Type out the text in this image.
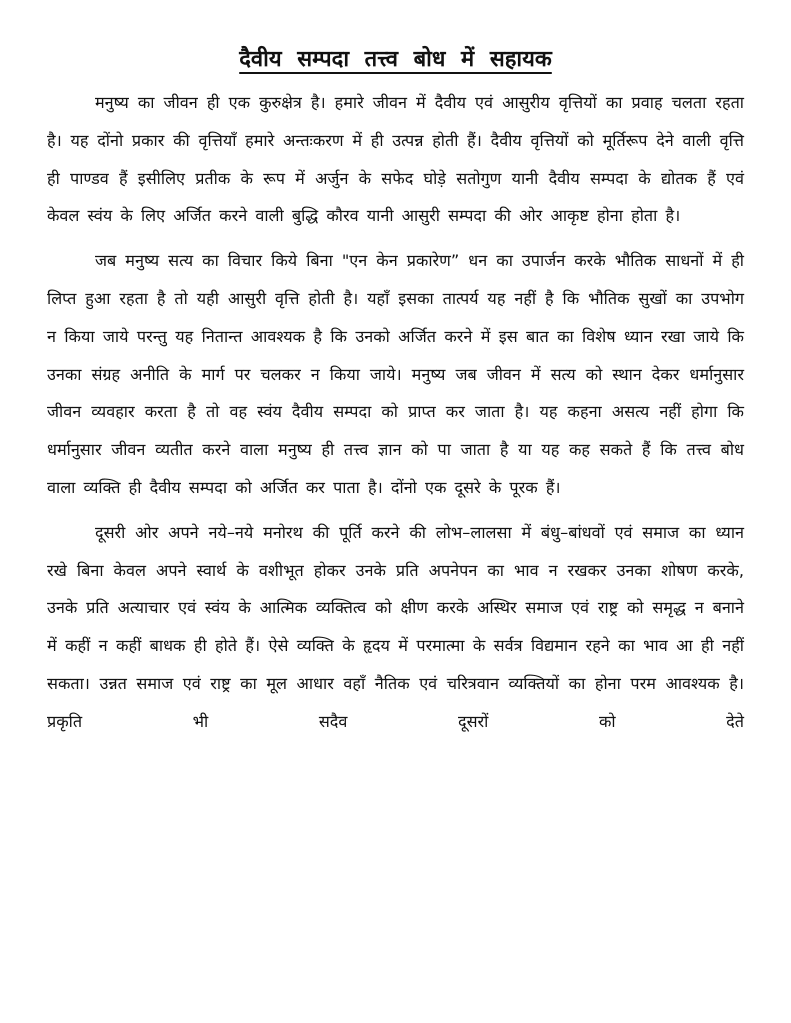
दैवीय सम्पदा तत्त्व बोध में सहायक

मनुष्य का जीवन ही एक कुरुक्षेत्र है। हमारे जीवन में दैवीय एवं आसुरीय वृत्तियों का प्रवाह चलता रहता है। यह दोंनो प्रकार की वृत्तियाँ हमारे अन्तःकरण में ही उत्पन्न होती हैं। दैवीय वृत्तियों को मूर्तिरूप देने वाली वृत्ति ही पाण्डव हैं इसीलिए प्रतीक के रूप में अर्जुन के सफेद घोड़े सतोगुण यानी दैवीय सम्पदा के द्योतक हैं एवं केवल स्वंय के लिए अर्जित करने वाली बुद्धि कौरव यानी आसुरी सम्पदा की ओर आकृष्ट होना होता है।

जब मनुष्य सत्य का विचार किये बिना "एन केन प्रकारेण” धन का उपार्जन करके भौतिक साधनों में ही लिप्त हुआ रहता है तो यही आसुरी वृत्ति होती है। यहाँ इसका तात्पर्य यह नहीं है कि भौतिक सुखों का उपभोग न किया जाये परन्तु यह नितान्त आवश्यक है कि उनको अर्जित करने में इस बात का विशेष ध्यान रखा जाये कि उनका संग्रह अनीति के मार्ग पर चलकर न किया जाये। मनुष्य जब जीवन में सत्य को स्थान देकर धर्मानुसार जीवन व्यवहार करता है तो वह स्वंय दैवीय सम्पदा को प्राप्त कर जाता है। यह कहना असत्य नहीं होगा कि धर्मानुसार जीवन व्यतीत करने वाला मनुष्य ही तत्त्व ज्ञान को पा जाता है या यह कह सकते हैं कि तत्त्व बोध वाला व्यक्ति ही दैवीय सम्पदा को अर्जित कर पाता है। दोंनो एक दूसरे के पूरक हैं।

दूसरी ओर अपने नये–नये मनोरथ की पूर्ति करने की लोभ–लालसा में बंधु–बांधवों एवं समाज का ध्यान रखे बिना केवल अपने स्वार्थ के वशीभूत होकर उनके प्रति अपनेपन का भाव न रखकर उनका शोषण करके, उनके प्रति अत्याचार एवं स्वंय के आत्मिक व्यक्तित्व को क्षीण करके अस्थिर समाज एवं राष्ट्र को समृद्ध न बनाने में कहीं न कहीं बाधक ही होते हैं। ऐसे व्यक्ति के हृदय में परमात्मा के सर्वत्र विद्यमान रहने का भाव आ ही नहीं सकता। उन्नत समाज एवं राष्ट्र का मूल आधार वहाँ नैतिक एवं चरित्रवान व्यक्तियों का होना परम आवश्यक है। प्रकृति भी सदैव दूसरों को देते
